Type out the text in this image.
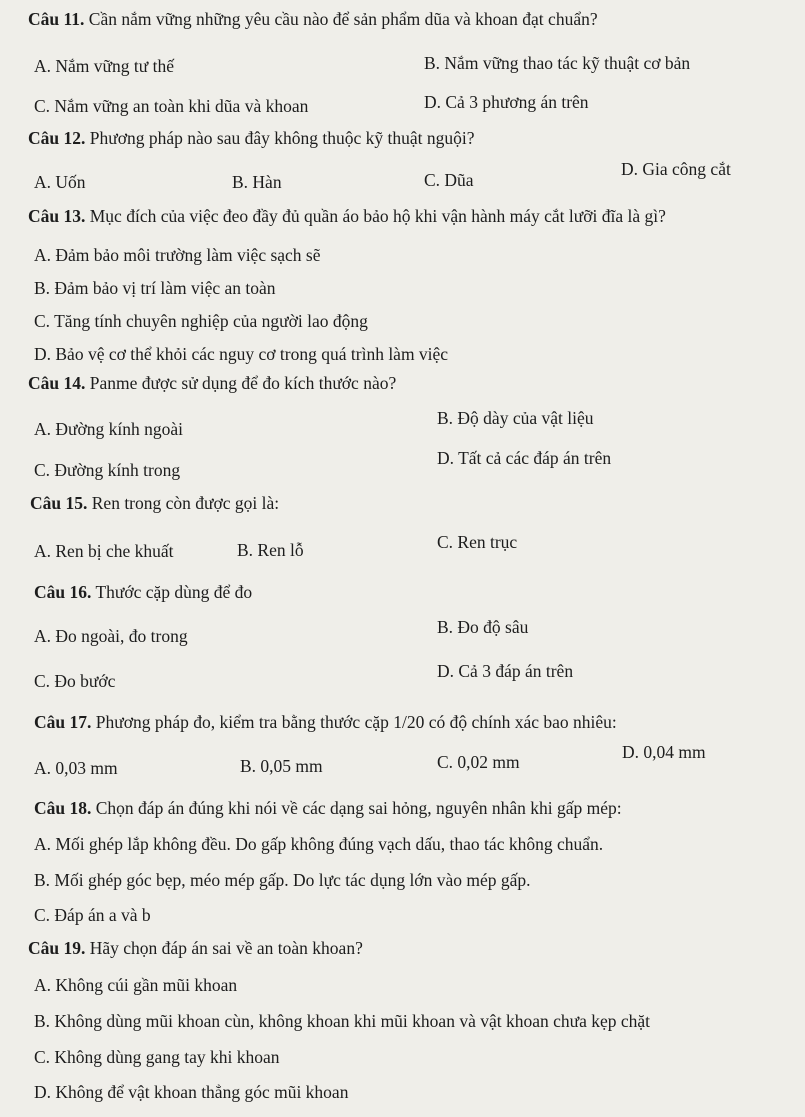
Câu 11. Cần nắm vững những yêu cầu nào để sản phẩm dũa và khoan đạt chuẩn?
A. Nắm vững tư thế	B. Nắm vững thao tác kỹ thuật cơ bản
C. Nắm vững an toàn khi dũa và khoan	D. Cả 3 phương án trên
Câu 12. Phương pháp nào sau đây không thuộc kỹ thuật nguội?
A. Uốn	B. Hàn	C. Dũa
D. Gia công cắt
Câu 13. Mục đích của việc đeo đầy đủ quần áo bảo hộ khi vận hành máy cắt lưỡi đĩa là gì?
A. Đảm bảo môi trường làm việc sạch sẽ
B. Đảm bảo vị trí làm việc an toàn
C. Tăng tính chuyên nghiệp của người lao động
D. Bảo vệ cơ thể khỏi các nguy cơ trong quá trình làm việc
Câu 14. Panme được sử dụng để đo kích thước nào?
A. Đường kính ngoài
B. Độ dày của vật liệu
C. Đường kính trong
D. Tất cả các đáp án trên
Câu 15. Ren trong còn được gọi là:
A. Ren bị che khuất	B. Ren lỗ	C. Ren trục
Câu 16. Thước cặp dùng để đo
A. Đo ngoài, đo trong	B. Đo độ sâu
C. Đo bước	D. Cả 3 đáp án trên
Câu 17. Phương pháp đo, kiểm tra bằng thước cặp 1/20 có độ chính xác bao nhiêu:
A. 0,03 mm	B. 0,05 mm	C. 0,02 mm	D. 0,04 mm
Câu 18. Chọn đáp án đúng khi nói về các dạng sai hỏng, nguyên nhân khi gấp mép:
A. Mối ghép lắp không đều. Do gấp không đúng vạch dấu, thao tác không chuẩn.
B. Mối ghép góc bẹp, méo mép gấp. Do lực tác dụng lớn vào mép gấp.
C. Đáp án a và b
Câu 19. Hãy chọn đáp án sai về an toàn khoan?
A. Không cúi gần mũi khoan
B. Không dùng mũi khoan cùn, không khoan khi mũi khoan và vật khoan chưa kẹp chặt
C. Không dùng gang tay khi khoan
D. Không để vật khoan thẳng góc mũi khoan
